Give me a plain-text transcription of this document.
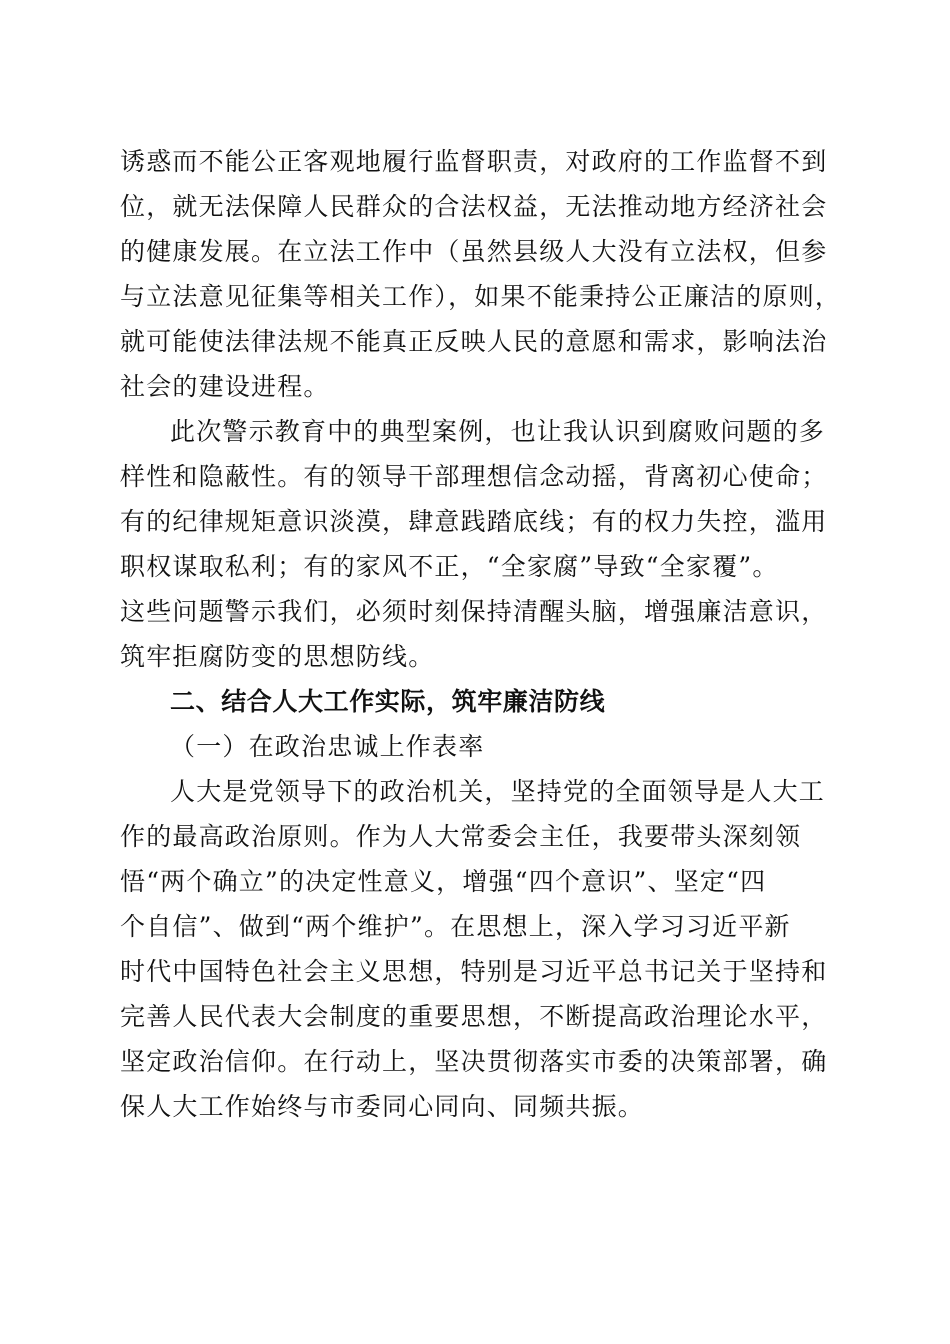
诱惑而不能公正客观地履行监督职责，对政府的工作监督不到
位，就无法保障人民群众的合法权益，无法推动地方经济社会
的健康发展。在立法工作中（虽然县级人大没有立法权，但参
与立法意见征集等相关工作），如果不能秉持公正廉洁的原则，
就可能使法律法规不能真正反映人民的意愿和需求，影响法治
社会的建设进程。
此次警示教育中的典型案例，也让我认识到腐败问题的多
样性和隐蔽性。有的领导干部理想信念动摇，背离初心使命；
有的纪律规矩意识淡漠，肆意践踏底线；有的权力失控，滥用
职权谋取私利；有的家风不正，“全家腐”导致“全家覆”。
这些问题警示我们，必须时刻保持清醒头脑，增强廉洁意识，
筑牢拒腐防变的思想防线。
二、结合人大工作实际，筑牢廉洁防线
（一）在政治忠诚上作表率
人大是党领导下的政治机关，坚持党的全面领导是人大工
作的最高政治原则。作为人大常委会主任，我要带头深刻领
悟“两个确立”的决定性意义，增强“四个意识”、坚定“四
个自信”、做到“两个维护”。在思想上，深入学习习近平新
时代中国特色社会主义思想，特别是习近平总书记关于坚持和
完善人民代表大会制度的重要思想，不断提高政治理论水平，
坚定政治信仰。在行动上，坚决贯彻落实市委的决策部署，确
保人大工作始终与市委同心同向、同频共振。
